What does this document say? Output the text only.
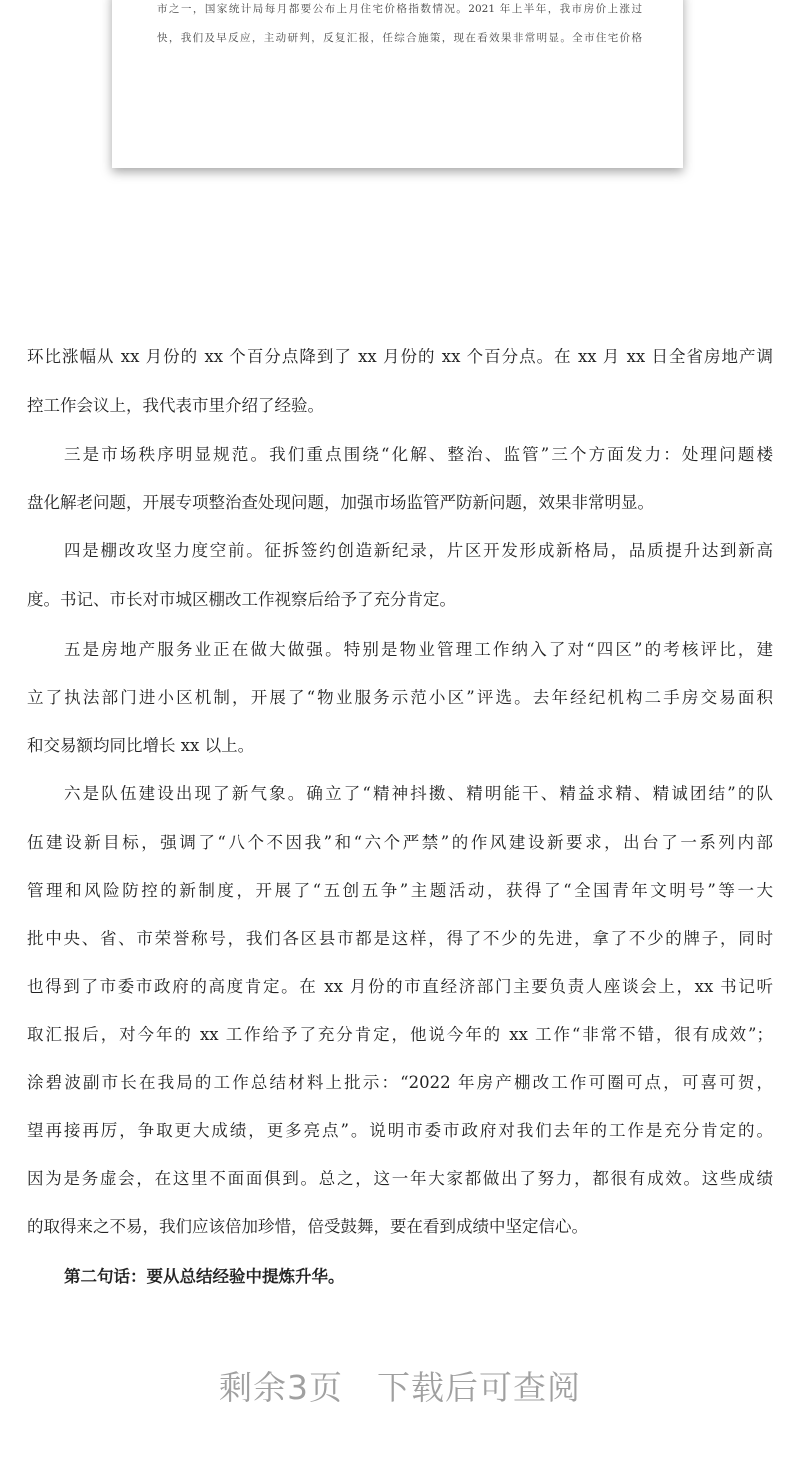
市之一，国家统计局每月都要公布上月住宅价格指数情况。2021 年上半年，我市房价上涨过
快，我们及早反应，主动研判，反复汇报，任综合施策，现在看效果非常明显。全市住宅价格
环比涨幅从 xx 月份的 xx 个百分点降到了 xx 月份的 xx 个百分点。在 xx 月 xx 日全省房地产调
控工作会议上，我代表市里介绍了经验。
三是市场秩序明显规范。我们重点围绕“化解、整治、监管”三个方面发力：处理问题楼
盘化解老问题，开展专项整治查处现问题，加强市场监管严防新问题，效果非常明显。
四是棚改攻坚力度空前。征拆签约创造新纪录，片区开发形成新格局，品质提升达到新高
度。书记、市长对市城区棚改工作视察后给予了充分肯定。
五是房地产服务业正在做大做强。特别是物业管理工作纳入了对“四区”的考核评比，建
立了执法部门进小区机制，开展了“物业服务示范小区”评选。去年经纪机构二手房交易面积
和交易额均同比增长 xx 以上。
六是队伍建设出现了新气象。确立了“精神抖擞、精明能干、精益求精、精诚团结”的队
伍建设新目标，强调了“八个不因我”和“六个严禁”的作风建设新要求，出台了一系列内部
管理和风险防控的新制度，开展了“五创五争”主题活动，获得了“全国青年文明号”等一大
批中央、省、市荣誉称号，我们各区县市都是这样，得了不少的先进，拿了不少的牌子，同时
也得到了市委市政府的高度肯定。在 xx 月份的市直经济部门主要负责人座谈会上，xx 书记听
取汇报后，对今年的 xx 工作给予了充分肯定，他说今年的 xx 工作“非常不错，很有成效”；
涂碧波副市长在我局的工作总结材料上批示：“2022 年房产棚改工作可圈可点，可喜可贺，
望再接再厉，争取更大成绩，更多亮点”。说明市委市政府对我们去年的工作是充分肯定的。
因为是务虚会，在这里不面面俱到。总之，这一年大家都做出了努力，都很有成效。这些成绩
的取得来之不易，我们应该倍加珍惜，倍受鼓舞，要在看到成绩中坚定信心。
第二句话：要从总结经验中提炼升华。
剩余3页　下载后可查阅
